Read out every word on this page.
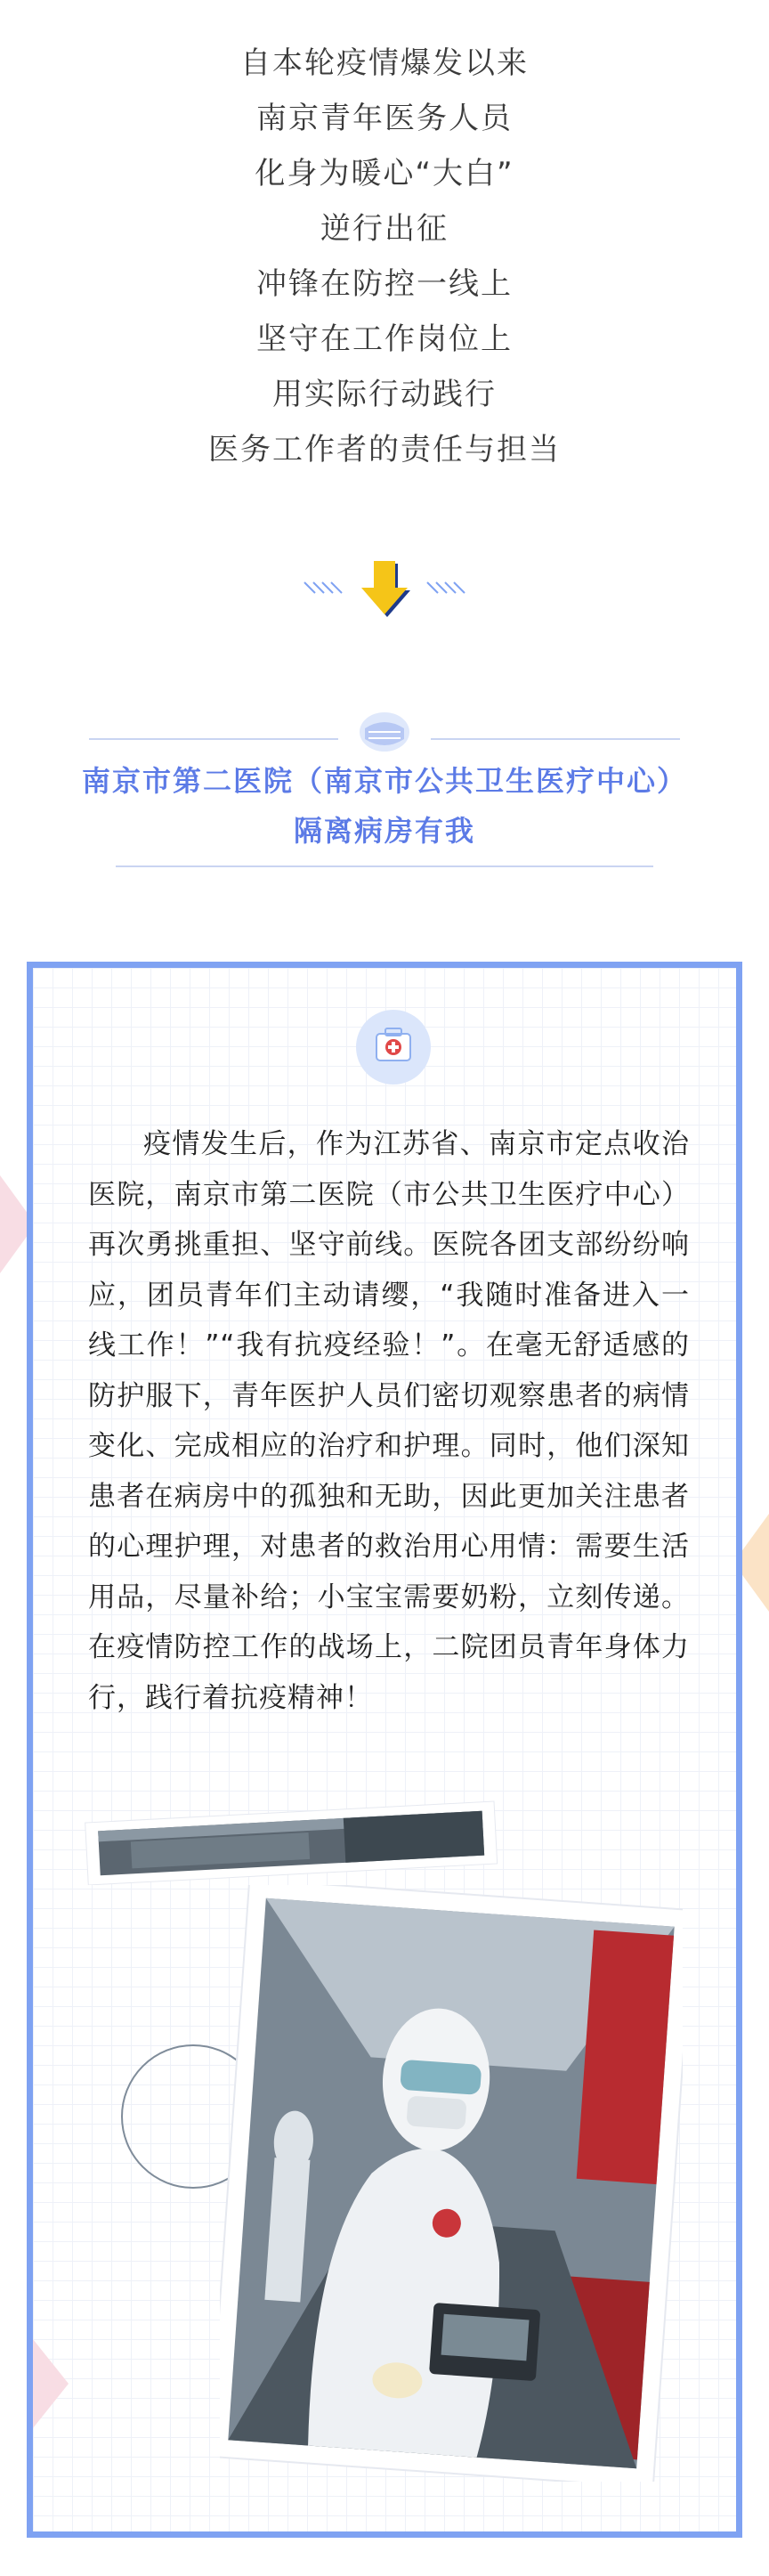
自本轮疫情爆发以来
南京青年医务人员
化身为暖心“大白”
逆行出征
冲锋在防控一线上
坚守在工作岗位上
用实际行动践行
医务工作者的责任与担当
南京市第二医院（南京市公共卫生医疗中心）
隔离病房有我

疫情发生后，作为江苏省、南京市定点收治医院，南京市第二医院（市公共卫生医疗中心）再次勇挑重担、坚守前线。医院各团支部纷纷响应，团员青年们主动请缨，“我随时准备进入一线工作！”“我有抗疫经验！”。在毫无舒适感的防护服下，青年医护人员们密切观察患者的病情变化、完成相应的治疗和护理。同时，他们深知患者在病房中的孤独和无助，因此更加关注患者的心理护理，对患者的救治用心用情：需要生活用品，尽量补给；小宝宝需要奶粉，立刻传递。在疫情防控工作的战场上，二院团员青年身体力行，践行着抗疫精神！
